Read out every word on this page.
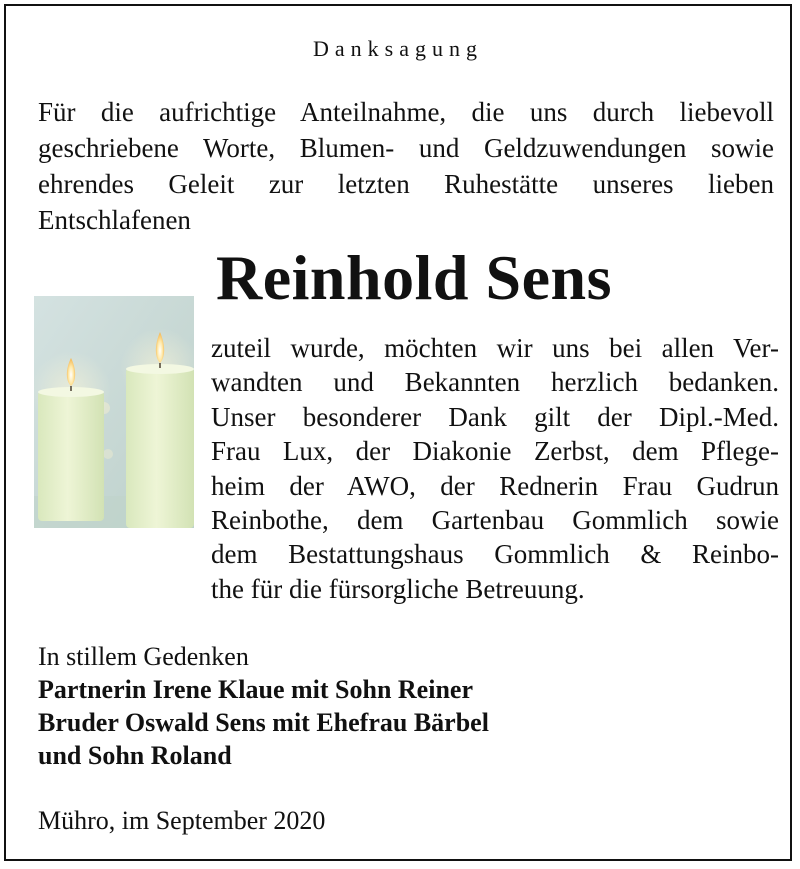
Danksagung
Für die aufrichtige Anteilnahme, die uns durch liebevoll
geschriebene Worte, Blumen- und Geldzuwendungen sowie
ehrendes Geleit zur letzten Ruhestätte unseres lieben
Entschlafenen
Reinhold Sens
zuteil wurde, möchten wir uns bei allen Ver-
wandten und Bekannten herzlich bedanken.
Unser besonderer Dank gilt der Dipl.-Med.
Frau Lux, der Diakonie Zerbst, dem Pflege-
heim der AWO, der Rednerin Frau Gudrun
Reinbothe, dem Gartenbau Gommlich sowie
dem Bestattungshaus Gommlich & Reinbo-
the für die fürsorgliche Betreuung.
In stillem Gedenken
Partnerin Irene Klaue mit Sohn Reiner
Bruder Oswald Sens mit Ehefrau Bärbel
und Sohn Roland
Mühro, im September 2020
